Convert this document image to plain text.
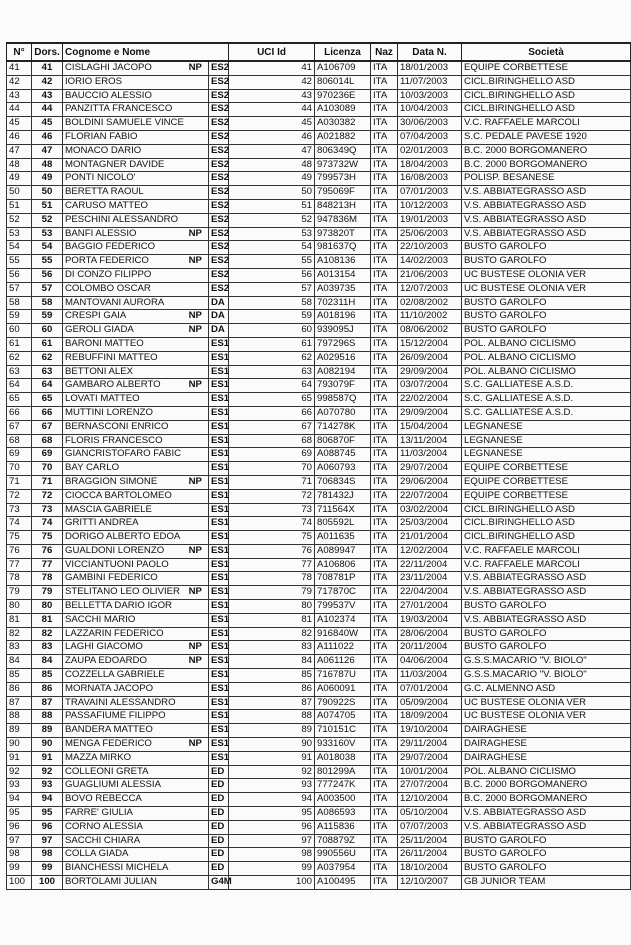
N°	Dors.	Cognome e Nome			UCI Id	Licenza	Naz	Data N.	Società
41	41	CISLAGHI JACOPO	NP	ES2	41	A106709	ITA	18/01/2003	EQUIPE CORBETTESE
42	42	IORIO EROS		ES2	42	806014L	ITA	11/07/2003	CICL.BIRINGHELLO ASD
43	43	BAUCCIO ALESSIO		ES2	43	970236E	ITA	10/03/2003	CICL.BIRINGHELLO ASD
44	44	PANZITTA FRANCESCO		ES2	44	A103089	ITA	10/04/2003	CICL.BIRINGHELLO ASD
45	45	BOLDINI SAMUELE VINCE		ES2	45	A030382	ITA	30/06/2003	V.C. RAFFAELE MARCOLI
46	46	FLORIAN FABIO		ES2	46	A021882	ITA	07/04/2003	S.C. PEDALE PAVESE 1920
47	47	MONACO DARIO		ES2	47	806349Q	ITA	02/01/2003	B.C. 2000 BORGOMANERO
48	48	MONTAGNER DAVIDE		ES2	48	973732W	ITA	18/04/2003	B.C. 2000 BORGOMANERO
49	49	PONTI NICOLO'		ES2	49	799573H	ITA	16/08/2003	POLISP. BESANESE
50	50	BERETTA RAOUL		ES2	50	795069F	ITA	07/01/2003	V.S. ABBIATEGRASSO ASD
51	51	CARUSO MATTEO		ES2	51	848213H	ITA	10/12/2003	V.S. ABBIATEGRASSO ASD
52	52	PESCHINI ALESSANDRO		ES2	52	947836M	ITA	19/01/2003	V.S. ABBIATEGRASSO ASD
53	53	BANFI ALESSIO	NP	ES2	53	973820T	ITA	25/06/2003	V.S. ABBIATEGRASSO ASD
54	54	BAGGIO FEDERICO		ES2	54	981637Q	ITA	22/10/2003	BUSTO GAROLFO
55	55	PORTA FEDERICO	NP	ES2	55	A108136	ITA	14/02/2003	BUSTO GAROLFO
56	56	DI CONZO FILIPPO		ES2	56	A013154	ITA	21/06/2003	UC BUSTESE OLONIA VER
57	57	COLOMBO OSCAR		ES2	57	A039735	ITA	12/07/2003	UC BUSTESE OLONIA VER
58	58	MANTOVANI AURORA		DA	58	702311H	ITA	02/08/2002	BUSTO GAROLFO
59	59	CRESPI GAIA	NP	DA	59	A018196	ITA	11/10/2002	BUSTO GAROLFO
60	60	GEROLI GIADA	NP	DA	60	939095J	ITA	08/06/2002	BUSTO GAROLFO
61	61	BARONI MATTEO		ES1	61	797296S	ITA	15/12/2004	POL. ALBANO CICLISMO
62	62	REBUFFINI MATTEO		ES1	62	A029516	ITA	26/09/2004	POL. ALBANO CICLISMO
63	63	BETTONI ALEX		ES1	63	A082194	ITA	29/09/2004	POL. ALBANO CICLISMO
64	64	GAMBARO ALBERTO	NP	ES1	64	793079F	ITA	03/07/2004	S.C. GALLIATESE A.S.D.
65	65	LOVATI MATTEO		ES1	65	998587Q	ITA	22/02/2004	S.C. GALLIATESE A.S.D.
66	66	MUTTINI LORENZO		ES1	66	A070780	ITA	29/09/2004	S.C. GALLIATESE A.S.D.
67	67	BERNASCONI ENRICO		ES1	67	714278K	ITA	15/04/2004	LEGNANESE
68	68	FLORIS FRANCESCO		ES1	68	806870F	ITA	13/11/2004	LEGNANESE
69	69	GIANCRISTOFARO FABIC		ES1	69	A088745	ITA	11/03/2004	LEGNANESE
70	70	BAY CARLO		ES1	70	A060793	ITA	29/07/2004	EQUIPE CORBETTESE
71	71	BRAGGION SIMONE	NP	ES1	71	706834S	ITA	29/06/2004	EQUIPE CORBETTESE
72	72	CIOCCA BARTOLOMEO		ES1	72	781432J	ITA	22/07/2004	EQUIPE CORBETTESE
73	73	MASCIA GABRIELE		ES1	73	711564X	ITA	03/02/2004	CICL.BIRINGHELLO ASD
74	74	GRITTI ANDREA		ES1	74	805592L	ITA	25/03/2004	CICL.BIRINGHELLO ASD
75	75	DORIGO ALBERTO EDOA		ES1	75	A011635	ITA	21/01/2004	CICL.BIRINGHELLO ASD
76	76	GUALDONI LORENZO	NP	ES1	76	A089947	ITA	12/02/2004	V.C. RAFFAELE MARCOLI
77	77	VICCIANTUONI PAOLO		ES1	77	A106806	ITA	22/11/2004	V.C. RAFFAELE MARCOLI
78	78	GAMBINI FEDERICO		ES1	78	708781P	ITA	23/11/2004	V.S. ABBIATEGRASSO ASD
79	79	STELITANO LEO OLIVIER	NP	ES1	79	717870C	ITA	22/04/2004	V.S. ABBIATEGRASSO ASD
80	80	BELLETTA DARIO IGOR		ES1	80	799537V	ITA	27/01/2004	BUSTO GAROLFO
81	81	SACCHI MARIO		ES1	81	A102374	ITA	19/03/2004	V.S. ABBIATEGRASSO ASD
82	82	LAZZARIN FEDERICO		ES1	82	916840W	ITA	28/06/2004	BUSTO GAROLFO
83	83	LAGHI GIACOMO	NP	ES1	83	A111022	ITA	20/11/2004	BUSTO GAROLFO
84	84	ZAUPA EDOARDO	NP	ES1	84	A061126	ITA	04/06/2004	G.S.S.MACARIO "V. BIOLO"
85	85	COZZELLA GABRIELE		ES1	85	716787U	ITA	11/03/2004	G.S.S.MACARIO "V. BIOLO"
86	86	MORNATA JACOPO		ES1	86	A060091	ITA	07/01/2004	G.C. ALMENNO ASD
87	87	TRAVAINI ALESSANDRO		ES1	87	790922S	ITA	05/09/2004	UC BUSTESE OLONIA VER
88	88	PASSAFIUME FILIPPO		ES1	88	A074705	ITA	18/09/2004	UC BUSTESE OLONIA VER
89	89	BANDERA MATTEO		ES1	89	710151C	ITA	19/10/2004	DAIRAGHESE
90	90	MENGA FEDERICO	NP	ES1	90	933160V	ITA	29/11/2004	DAIRAGHESE
91	91	MAZZA MIRKO		ES1	91	A018038	ITA	29/07/2004	DAIRAGHESE
92	92	COLLEONI GRETA		ED	92	801299A	ITA	10/01/2004	POL. ALBANO CICLISMO
93	93	GUAGLIUMI ALESSIA		ED	93	777247K	ITA	27/07/2004	B.C. 2000 BORGOMANERO
94	94	BOVO REBECCA		ED	94	A003500	ITA	12/10/2004	B.C. 2000 BORGOMANERO
95	95	FARRE' GIULIA		ED	95	A086593	ITA	05/10/2004	V.S. ABBIATEGRASSO ASD
96	96	CORNO ALESSIA		ED	96	A115836	ITA	07/07/2003	V.S. ABBIATEGRASSO ASD
97	97	SACCHI CHIARA		ED	97	708879Z	ITA	25/11/2004	BUSTO GAROLFO
98	98	COLLA GIADA		ED	98	990556U	ITA	26/11/2004	BUSTO GAROLFO
99	99	BIANCHESSI MICHELA		ED	99	A037954	ITA	18/10/2004	BUSTO GAROLFO
100	100	BORTOLAMI JULIAN		G4M	100	A100495	ITA	12/10/2007	GB JUNIOR TEAM
